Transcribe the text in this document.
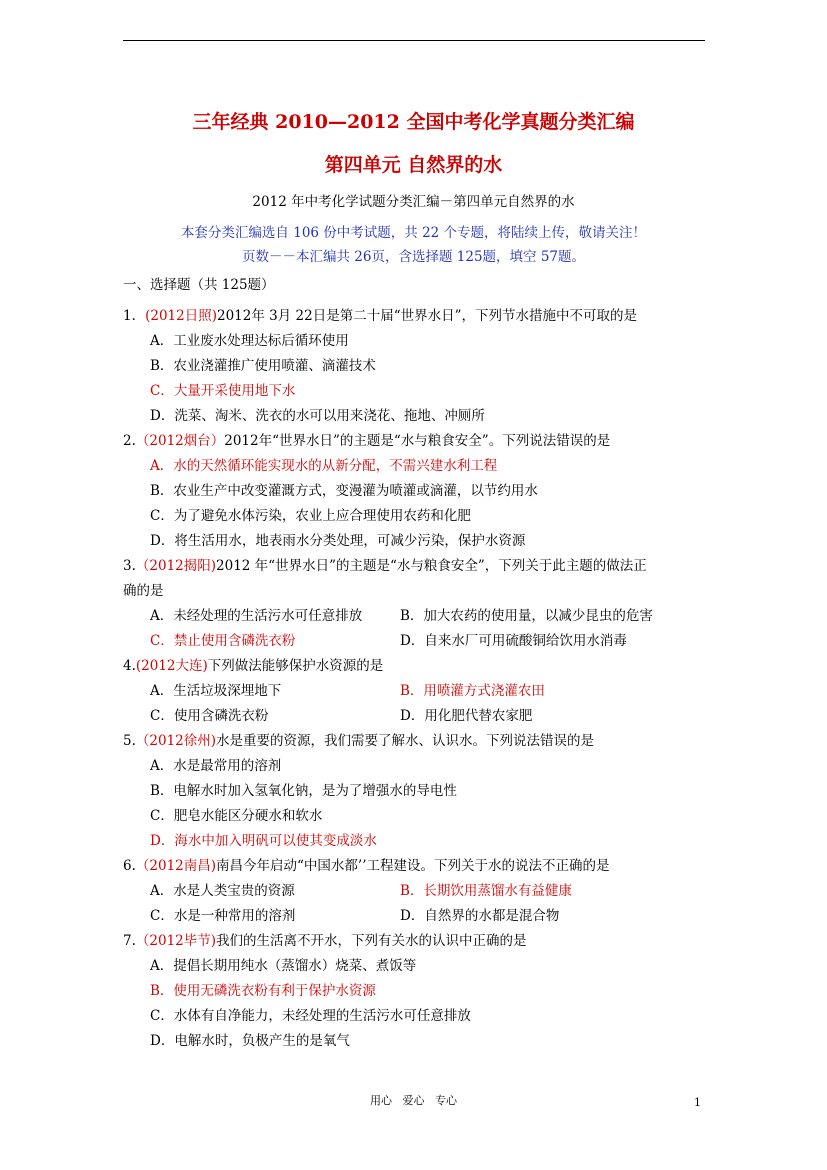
三年经典 2010—2012 全国中考化学真题分类汇编
第四单元 自然界的水
2012 年中考化学试题分类汇编－第四单元自然界的水
本套分类汇编选自 106 份中考试题，共 22 个专题，将陆续上传，敬请关注！
页数－－本汇编共 26页，含选择题 125题，填空 57题。
一、选择题（共 125题）
1．(2012日照)2012年 3月 22日是第二十届“世界水日”，下列节水措施中不可取的是
A．工业废水处理达标后循环使用
B．农业浇灌推广使用喷灌、滴灌技术
C．大量开采使用地下水
D．洗菜、淘米、洗衣的水可以用来浇花、拖地、冲厕所
2.（2012烟台）2012年“世界水日”的主题是“水与粮食安全”。下列说法错误的是
A．水的天然循环能实现水的从新分配，不需兴建水利工程
B．农业生产中改变灌溉方式，变漫灌为喷灌或滴灌，以节约用水
C．为了避免水体污染，农业上应合理使用农药和化肥
D．将生活用水，地表雨水分类处理，可减少污染，保护水资源
3.（2012揭阳)2012 年“世界水日”的主题是“水与粮食安全”，下列关于此主题的做法正
确的是
A．未经处理的生活污水可任意排放	B．加大农药的使用量，以减少昆虫的危害
C．禁止使用含磷洗衣粉	D．自来水厂可用硫酸铜给饮用水消毒
4.(2012大连)下列做法能够保护水资源的是
A．生活垃圾深埋地下	B．用喷灌方式浇灌农田
C．使用含磷洗衣粉	D．用化肥代替农家肥
5.（2012徐州)水是重要的资源，我们需要了解水、认识水。下列说法错误的是
A．水是最常用的溶剂
B．电解水时加入氢氧化钠，是为了增强水的导电性
C．肥皂水能区分硬水和软水
D．海水中加入明矾可以使其变成淡水
6.（2012南昌)南昌今年启动“中国水都’’工程建设。下列关于水的说法不正确的是
A．水是人类宝贵的资源	B．长期饮用蒸馏水有益健康
C．水是一种常用的溶剂	D．自然界的水都是混合物
7.（2012毕节)我们的生活离不开水，下列有关水的认识中正确的是
A．提倡长期用纯水（蒸馏水）烧菜、煮饭等
B．使用无磷洗衣粉有利于保护水资源
C．水体有自净能力，未经处理的生活污水可任意排放
D．电解水时，负极产生的是氧气
用心   爱心   专心	1
